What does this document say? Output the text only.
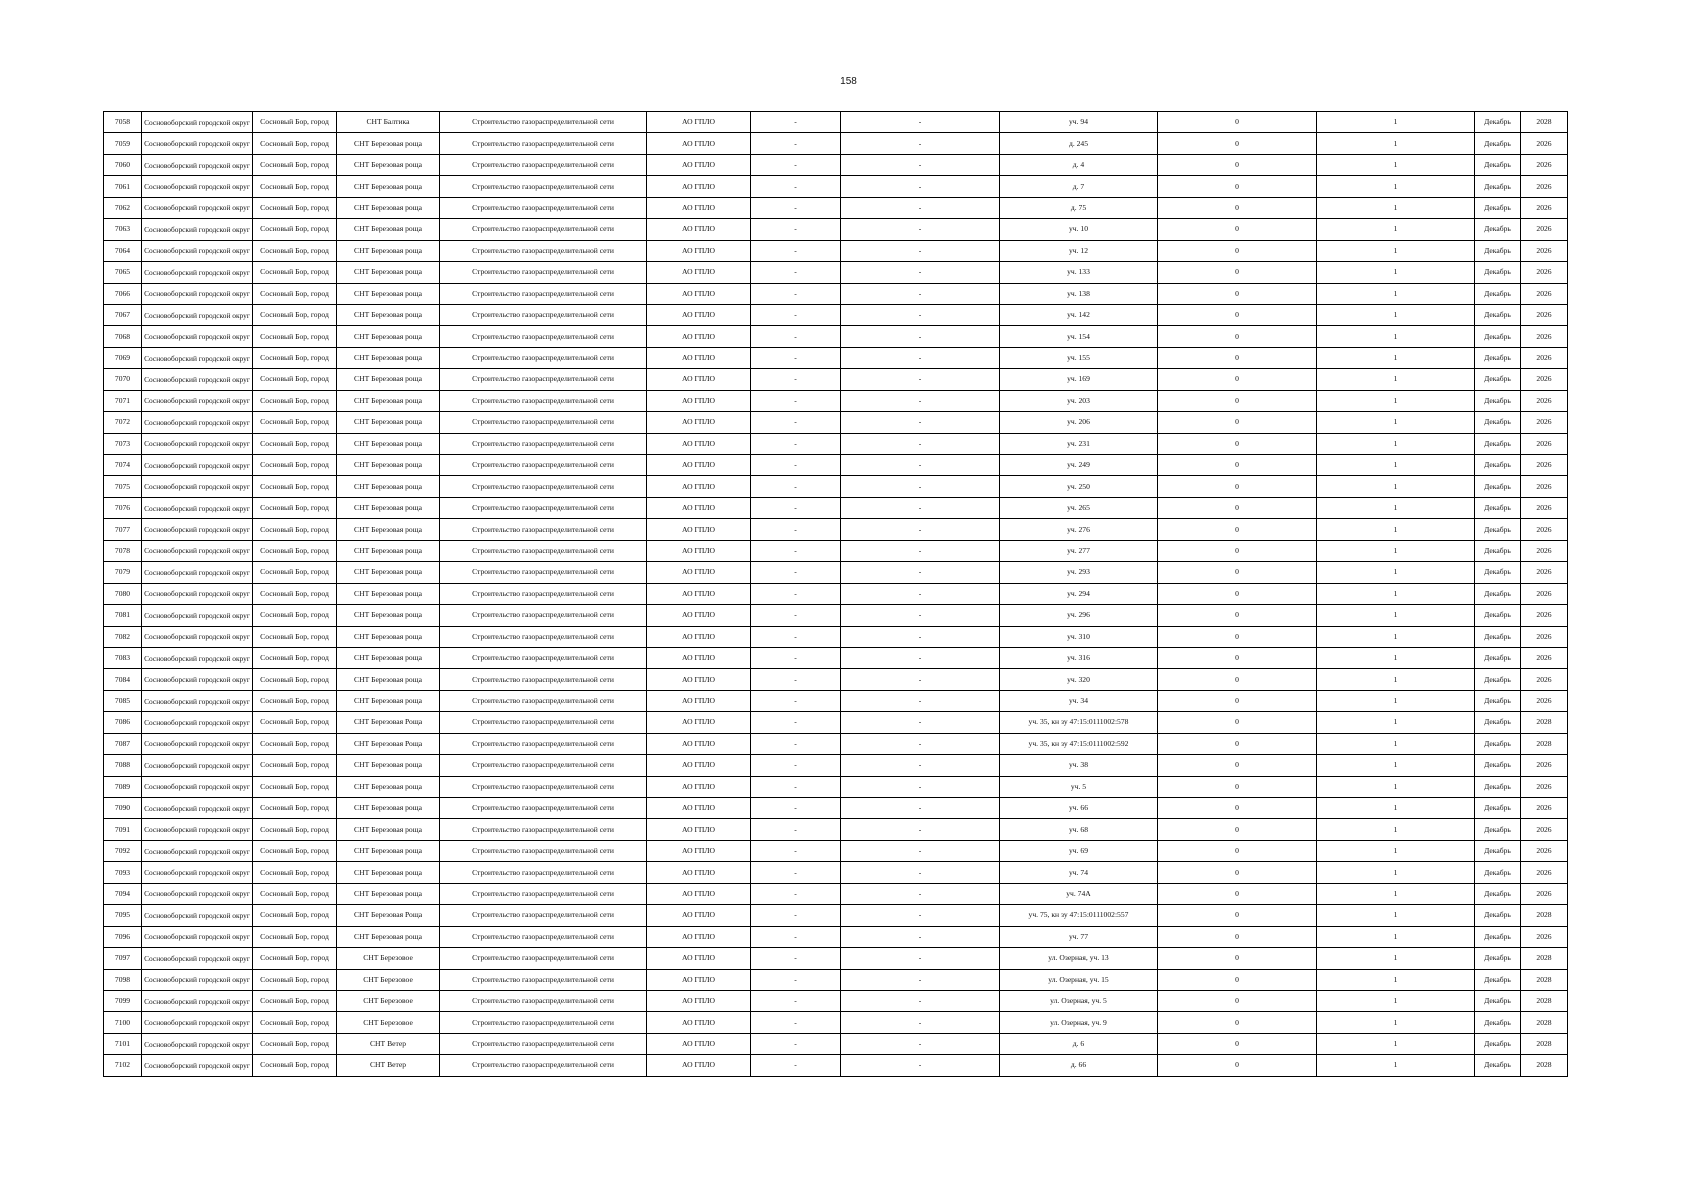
158
7058	Сосновоборский городской округ	Сосновый Бор, город	СНТ Балтика	Строительство газораспределительной сети	АО ГПЛО	-	-	уч. 94	0	1	Декабрь	2028
7059	Сосновоборский городской округ	Сосновый Бор, город	СНТ Березовая роща	Строительство газораспределительной сети	АО ГПЛО	-	-	д. 245	0	1	Декабрь	2026
7060	Сосновоборский городской округ	Сосновый Бор, город	СНТ Березовая роща	Строительство газораспределительной сети	АО ГПЛО	-	-	д. 4	0	1	Декабрь	2026
7061	Сосновоборский городской округ	Сосновый Бор, город	СНТ Березовая роща	Строительство газораспределительной сети	АО ГПЛО	-	-	д. 7	0	1	Декабрь	2026
7062	Сосновоборский городской округ	Сосновый Бор, город	СНТ Березовая роща	Строительство газораспределительной сети	АО ГПЛО	-	-	д. 75	0	1	Декабрь	2026
7063	Сосновоборский городской округ	Сосновый Бор, город	СНТ Березовая роща	Строительство газораспределительной сети	АО ГПЛО	-	-	уч. 10	0	1	Декабрь	2026
7064	Сосновоборский городской округ	Сосновый Бор, город	СНТ Березовая роща	Строительство газораспределительной сети	АО ГПЛО	-	-	уч. 12	0	1	Декабрь	2026
7065	Сосновоборский городской округ	Сосновый Бор, город	СНТ Березовая роща	Строительство газораспределительной сети	АО ГПЛО	-	-	уч. 133	0	1	Декабрь	2026
7066	Сосновоборский городской округ	Сосновый Бор, город	СНТ Березовая роща	Строительство газораспределительной сети	АО ГПЛО	-	-	уч. 138	0	1	Декабрь	2026
7067	Сосновоборский городской округ	Сосновый Бор, город	СНТ Березовая роща	Строительство газораспределительной сети	АО ГПЛО	-	-	уч. 142	0	1	Декабрь	2026
7068	Сосновоборский городской округ	Сосновый Бор, город	СНТ Березовая роща	Строительство газораспределительной сети	АО ГПЛО	-	-	уч. 154	0	1	Декабрь	2026
7069	Сосновоборский городской округ	Сосновый Бор, город	СНТ Березовая роща	Строительство газораспределительной сети	АО ГПЛО	-	-	уч. 155	0	1	Декабрь	2026
7070	Сосновоборский городской округ	Сосновый Бор, город	СНТ Березовая роща	Строительство газораспределительной сети	АО ГПЛО	-	-	уч. 169	0	1	Декабрь	2026
7071	Сосновоборский городской округ	Сосновый Бор, город	СНТ Березовая роща	Строительство газораспределительной сети	АО ГПЛО	-	-	уч. 203	0	1	Декабрь	2026
7072	Сосновоборский городской округ	Сосновый Бор, город	СНТ Березовая роща	Строительство газораспределительной сети	АО ГПЛО	-	-	уч. 206	0	1	Декабрь	2026
7073	Сосновоборский городской округ	Сосновый Бор, город	СНТ Березовая роща	Строительство газораспределительной сети	АО ГПЛО	-	-	уч. 231	0	1	Декабрь	2026
7074	Сосновоборский городской округ	Сосновый Бор, город	СНТ Березовая роща	Строительство газораспределительной сети	АО ГПЛО	-	-	уч. 249	0	1	Декабрь	2026
7075	Сосновоборский городской округ	Сосновый Бор, город	СНТ Березовая роща	Строительство газораспределительной сети	АО ГПЛО	-	-	уч. 250	0	1	Декабрь	2026
7076	Сосновоборский городской округ	Сосновый Бор, город	СНТ Березовая роща	Строительство газораспределительной сети	АО ГПЛО	-	-	уч. 265	0	1	Декабрь	2026
7077	Сосновоборский городской округ	Сосновый Бор, город	СНТ Березовая роща	Строительство газораспределительной сети	АО ГПЛО	-	-	уч. 276	0	1	Декабрь	2026
7078	Сосновоборский городской округ	Сосновый Бор, город	СНТ Березовая роща	Строительство газораспределительной сети	АО ГПЛО	-	-	уч. 277	0	1	Декабрь	2026
7079	Сосновоборский городской округ	Сосновый Бор, город	СНТ Березовая роща	Строительство газораспределительной сети	АО ГПЛО	-	-	уч. 293	0	1	Декабрь	2026
7080	Сосновоборский городской округ	Сосновый Бор, город	СНТ Березовая роща	Строительство газораспределительной сети	АО ГПЛО	-	-	уч. 294	0	1	Декабрь	2026
7081	Сосновоборский городской округ	Сосновый Бор, город	СНТ Березовая роща	Строительство газораспределительной сети	АО ГПЛО	-	-	уч. 296	0	1	Декабрь	2026
7082	Сосновоборский городской округ	Сосновый Бор, город	СНТ Березовая роща	Строительство газораспределительной сети	АО ГПЛО	-	-	уч. 310	0	1	Декабрь	2026
7083	Сосновоборский городской округ	Сосновый Бор, город	СНТ Березовая роща	Строительство газораспределительной сети	АО ГПЛО	-	-	уч. 316	0	1	Декабрь	2026
7084	Сосновоборский городской округ	Сосновый Бор, город	СНТ Березовая роща	Строительство газораспределительной сети	АО ГПЛО	-	-	уч. 320	0	1	Декабрь	2026
7085	Сосновоборский городской округ	Сосновый Бор, город	СНТ Березовая роща	Строительство газораспределительной сети	АО ГПЛО	-	-	уч. 34	0	1	Декабрь	2026
7086	Сосновоборский городской округ	Сосновый Бор, город	СНТ Березовая Роща	Строительство газораспределительной сети	АО ГПЛО	-	-	уч. 35, кн зу 47:15:0111002:578	0	1	Декабрь	2028
7087	Сосновоборский городской округ	Сосновый Бор, город	СНТ Березовая Роща	Строительство газораспределительной сети	АО ГПЛО	-	-	уч. 35, кн зу 47:15:0111002:592	0	1	Декабрь	2028
7088	Сосновоборский городской округ	Сосновый Бор, город	СНТ Березовая роща	Строительство газораспределительной сети	АО ГПЛО	-	-	уч. 38	0	1	Декабрь	2026
7089	Сосновоборский городской округ	Сосновый Бор, город	СНТ Березовая роща	Строительство газораспределительной сети	АО ГПЛО	-	-	уч. 5	0	1	Декабрь	2026
7090	Сосновоборский городской округ	Сосновый Бор, город	СНТ Березовая роща	Строительство газораспределительной сети	АО ГПЛО	-	-	уч. 66	0	1	Декабрь	2026
7091	Сосновоборский городской округ	Сосновый Бор, город	СНТ Березовая роща	Строительство газораспределительной сети	АО ГПЛО	-	-	уч. 68	0	1	Декабрь	2026
7092	Сосновоборский городской округ	Сосновый Бор, город	СНТ Березовая роща	Строительство газораспределительной сети	АО ГПЛО	-	-	уч. 69	0	1	Декабрь	2026
7093	Сосновоборский городской округ	Сосновый Бор, город	СНТ Березовая роща	Строительство газораспределительной сети	АО ГПЛО	-	-	уч. 74	0	1	Декабрь	2026
7094	Сосновоборский городской округ	Сосновый Бор, город	СНТ Березовая роща	Строительство газораспределительной сети	АО ГПЛО	-	-	уч. 74А	0	1	Декабрь	2026
7095	Сосновоборский городской округ	Сосновый Бор, город	СНТ Березовая Роща	Строительство газораспределительной сети	АО ГПЛО	-	-	уч. 75, кн зу 47:15:0111002:557	0	1	Декабрь	2028
7096	Сосновоборский городской округ	Сосновый Бор, город	СНТ Березовая роща	Строительство газораспределительной сети	АО ГПЛО	-	-	уч. 77	0	1	Декабрь	2026
7097	Сосновоборский городской округ	Сосновый Бор, город	СНТ Березовое	Строительство газораспределительной сети	АО ГПЛО	-	-	ул. Озерная, уч. 13	0	1	Декабрь	2028
7098	Сосновоборский городской округ	Сосновый Бор, город	СНТ Березовое	Строительство газораспределительной сети	АО ГПЛО	-	-	ул. Озерная, уч. 15	0	1	Декабрь	2028
7099	Сосновоборский городской округ	Сосновый Бор, город	СНТ Березовое	Строительство газораспределительной сети	АО ГПЛО	-	-	ул. Озерная, уч. 5	0	1	Декабрь	2028
7100	Сосновоборский городской округ	Сосновый Бор, город	СНТ Березовое	Строительство газораспределительной сети	АО ГПЛО	-	-	ул. Озерная, уч. 9	0	1	Декабрь	2028
7101	Сосновоборский городской округ	Сосновый Бор, город	СНТ Ветер	Строительство газораспределительной сети	АО ГПЛО	-	-	д. 6	0	1	Декабрь	2028
7102	Сосновоборский городской округ	Сосновый Бор, город	СНТ Ветер	Строительство газораспределительной сети	АО ГПЛО	-	-	д. 66	0	1	Декабрь	2028
